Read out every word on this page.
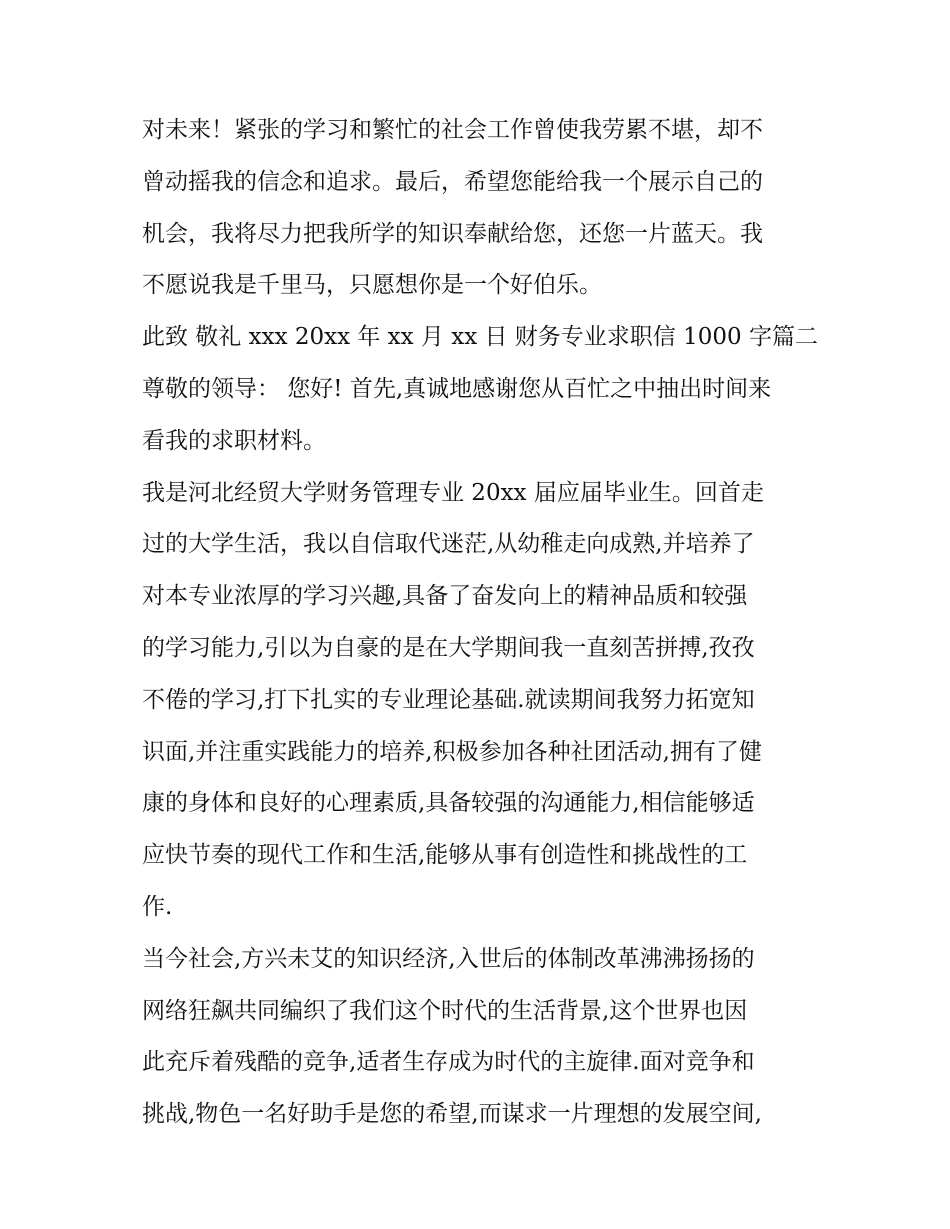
对未来！紧张的学习和繁忙的社会工作曾使我劳累不堪，却不
曾动摇我的信念和追求。最后，希望您能给我一个展示自己的
机会，我将尽力把我所学的知识奉献给您，还您一片蓝天。我
不愿说我是千里马，只愿想你是一个好伯乐。
此致 敬礼 xxx 20xx 年 xx 月 xx 日 财务专业求职信 1000 字篇二
尊敬的领导： 您好! 首先,真诚地感谢您从百忙之中抽出时间来
看我的求职材料。
我是河北经贸大学财务管理专业 20xx 届应届毕业生。回首走
过的大学生活，我以自信取代迷茫,从幼稚走向成熟,并培养了
对本专业浓厚的学习兴趣,具备了奋发向上的精神品质和较强
的学习能力,引以为自豪的是在大学期间我一直刻苦拼搏,孜孜
不倦的学习,打下扎实的专业理论基础.就读期间我努力拓宽知
识面,并注重实践能力的培养,积极参加各种社团活动,拥有了健
康的身体和良好的心理素质,具备较强的沟通能力,相信能够适
应快节奏的现代工作和生活,能够从事有创造性和挑战性的工
作.
当今社会,方兴未艾的知识经济,入世后的体制改革沸沸扬扬的
网络狂飙共同编织了我们这个时代的生活背景,这个世界也因
此充斥着残酷的竞争,适者生存成为时代的主旋律.面对竞争和
挑战,物色一名好助手是您的希望,而谋求一片理想的发展空间,
